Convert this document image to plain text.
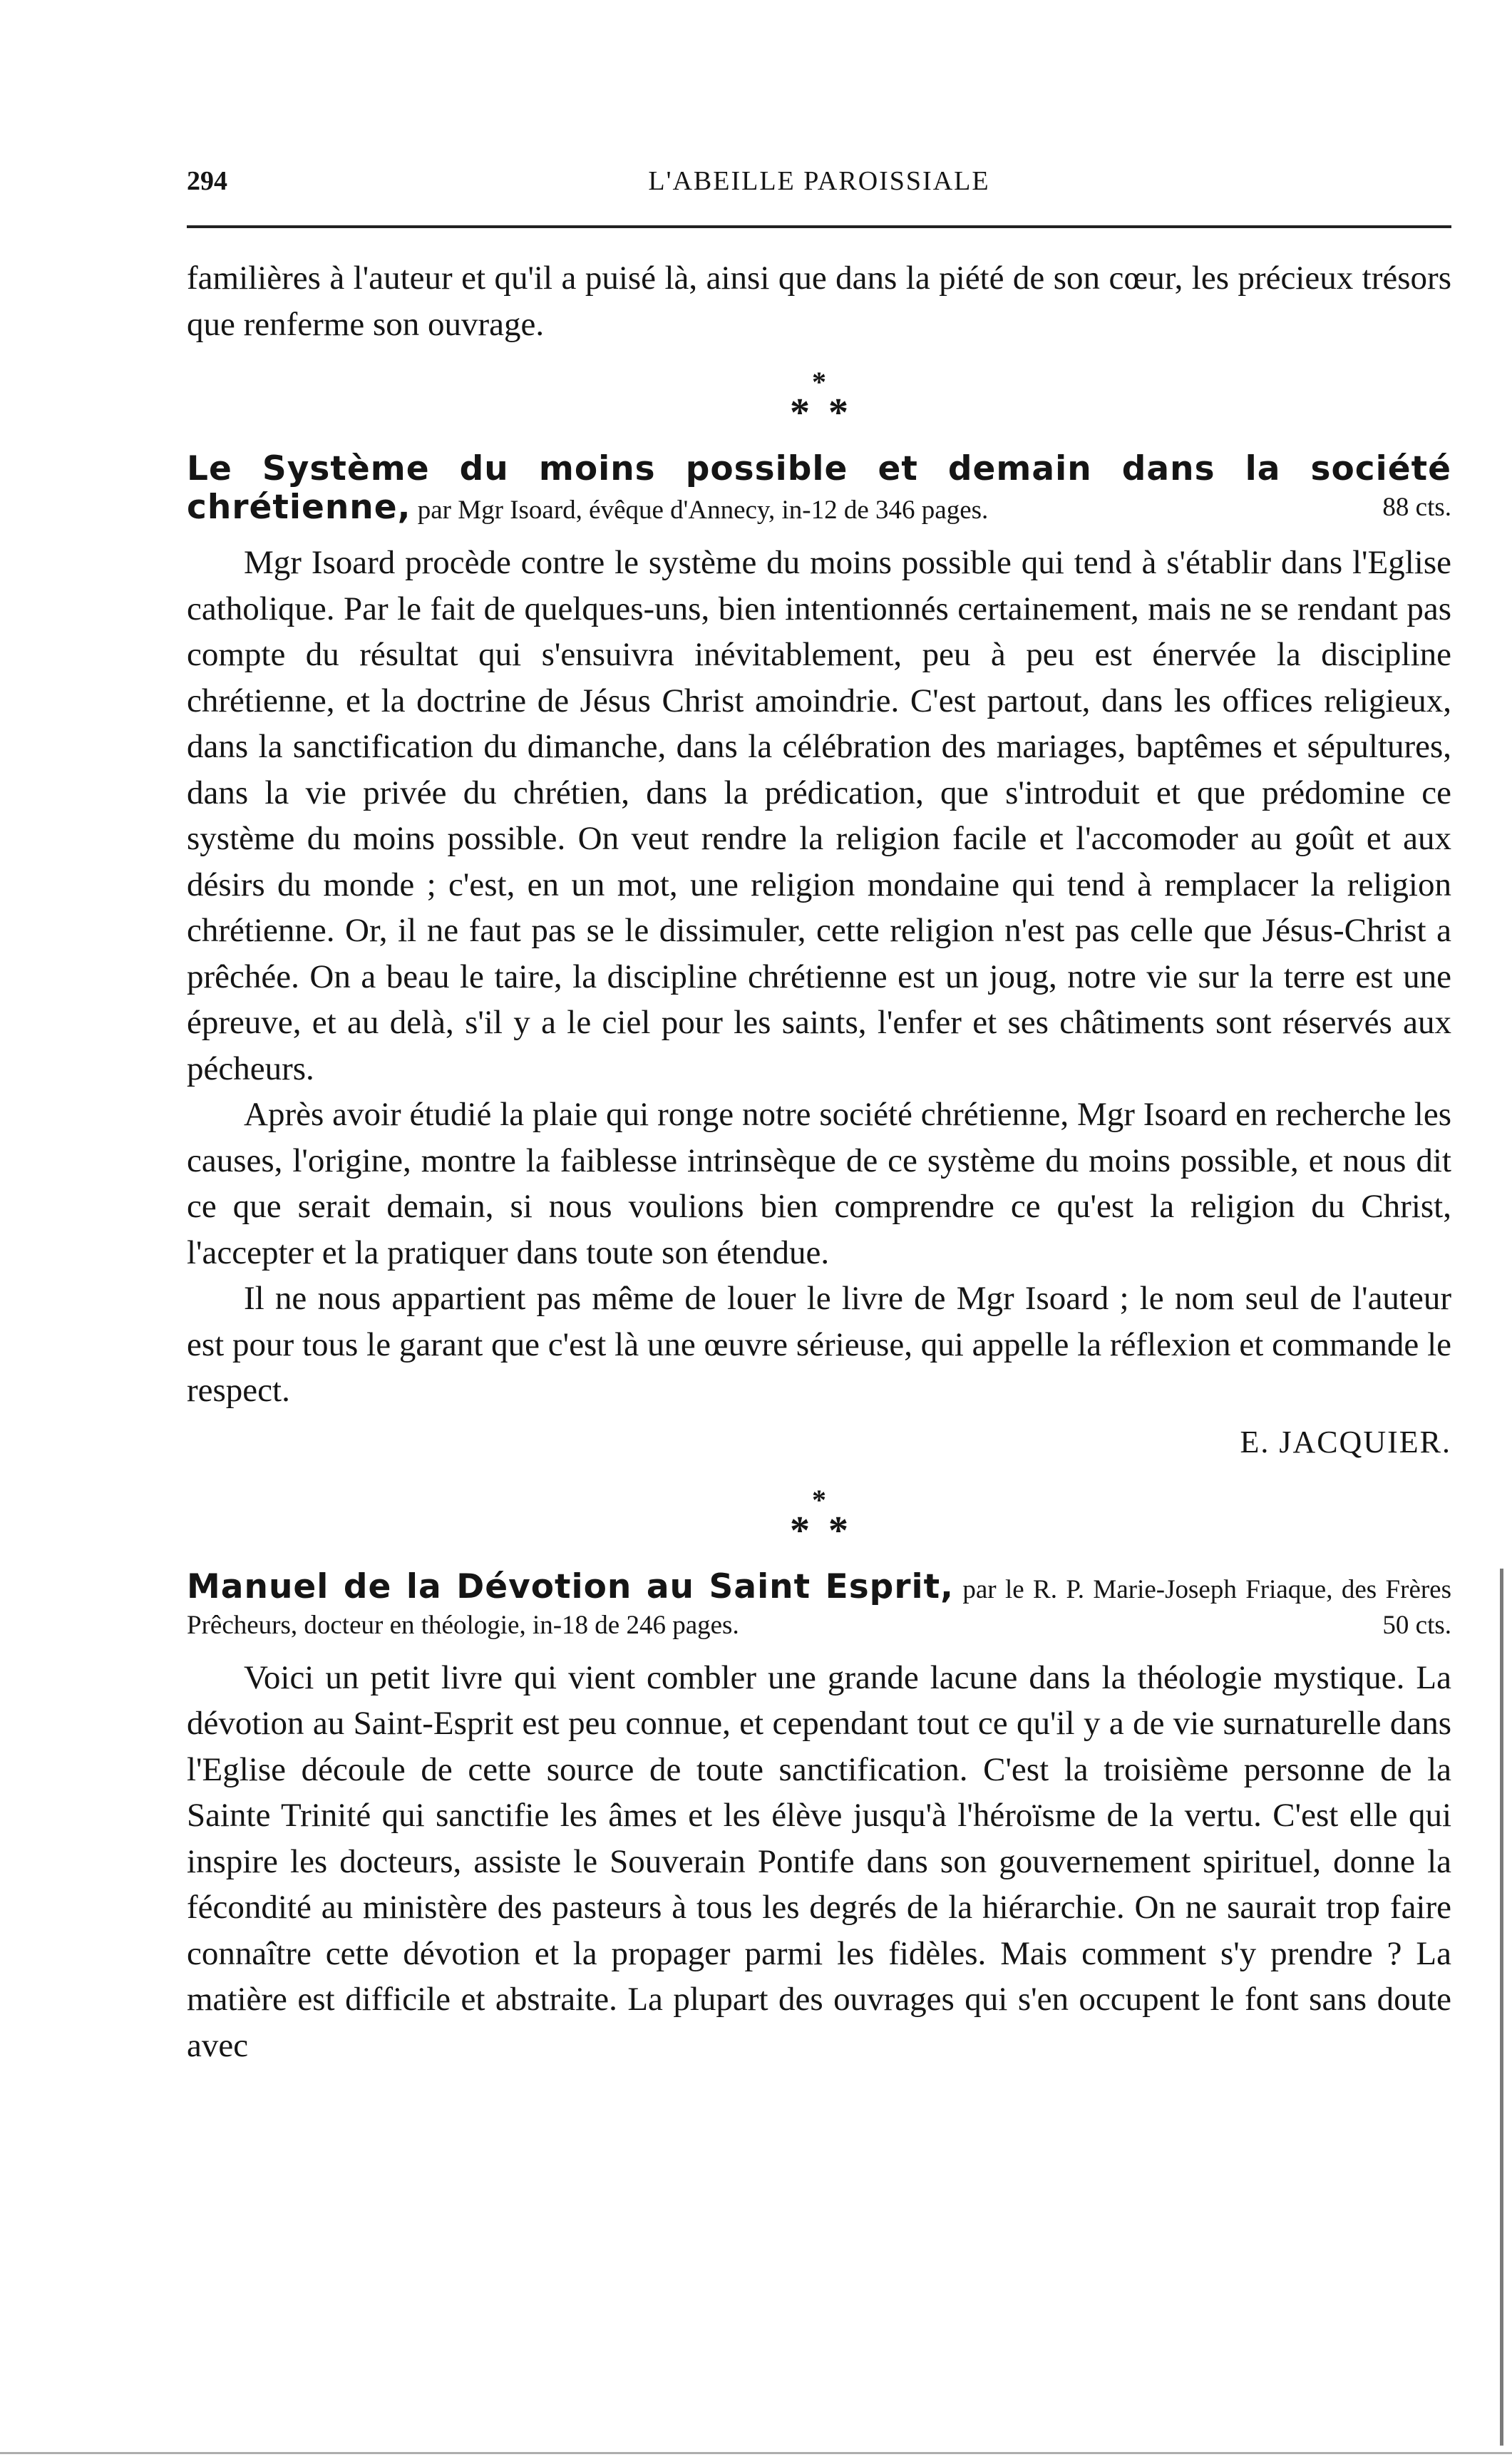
294	L'ABEILLE PAROISSIALE

familières à l'auteur et qu'il a puisé là, ainsi que dans la piété de son cœur, les précieux trésors que renferme son ouvrage.

*
**
Le Système du moins possible et demain dans la société chrétienne, par Mgr Isoard, évêque d'Annecy, in-12 de 346 pages.	88 cts.

Mgr Isoard procède contre le système du moins possible qui tend à s'établir dans l'Eglise catholique. Par le fait de quelques-uns, bien intentionnés certainement, mais ne se rendant pas compte du résultat qui s'ensuivra inévitablement, peu à peu est énervée la discipline chrétienne, et la doctrine de Jésus Christ amoindrie. C'est partout, dans les offices religieux, dans la sanctification du dimanche, dans la célébration des mariages, baptêmes et sépultures, dans la vie privée du chrétien, dans la prédication, que s'introduit et que prédomine ce système du moins possible. On veut rendre la religion facile et l'accomoder au goût et aux désirs du monde ; c'est, en un mot, une religion mondaine qui tend à remplacer la religion chrétienne. Or, il ne faut pas se le dissimuler, cette religion n'est pas celle que Jésus-Christ a prêchée. On a beau le taire, la discipline chrétienne est un joug, notre vie sur la terre est une épreuve, et au delà, s'il y a le ciel pour les saints, l'enfer et ses châtiments sont réservés aux pécheurs.

Après avoir étudié la plaie qui ronge notre société chrétienne, Mgr Isoard en recherche les causes, l'origine, montre la faiblesse intrinsèque de ce système du moins possible, et nous dit ce que serait demain, si nous voulions bien comprendre ce qu'est la religion du Christ, l'accepter et la pratiquer dans toute son étendue.

Il ne nous appartient pas même de louer le livre de Mgr Isoard ; le nom seul de l'auteur est pour tous le garant que c'est là une œuvre sérieuse, qui appelle la réflexion et commande le respect.

E. JACQUIER.
*
**
Manuel de la Dévotion au Saint Esprit, par le R. P. Marie-Joseph Friaque, des Frères Prêcheurs, docteur en théologie, in-18 de 246 pages.	50 cts.

Voici un petit livre qui vient combler une grande lacune dans la théologie mystique. La dévotion au Saint-Esprit est peu connue, et cependant tout ce qu'il y a de vie surnaturelle dans l'Eglise découle de cette source de toute sanctification. C'est la troisième personne de la Sainte Trinité qui sanctifie les âmes et les élève jusqu'à l'héroïsme de la vertu. C'est elle qui inspire les docteurs, assiste le Souverain Pontife dans son gouvernement spirituel, donne la fécondité au ministère des pasteurs à tous les degrés de la hiérarchie. On ne saurait trop faire connaître cette dévotion et la propager parmi les fidèles. Mais comment s'y prendre ? La matière est difficile et abstraite. La plupart des ouvrages qui s'en occupent le font sans doute avec
